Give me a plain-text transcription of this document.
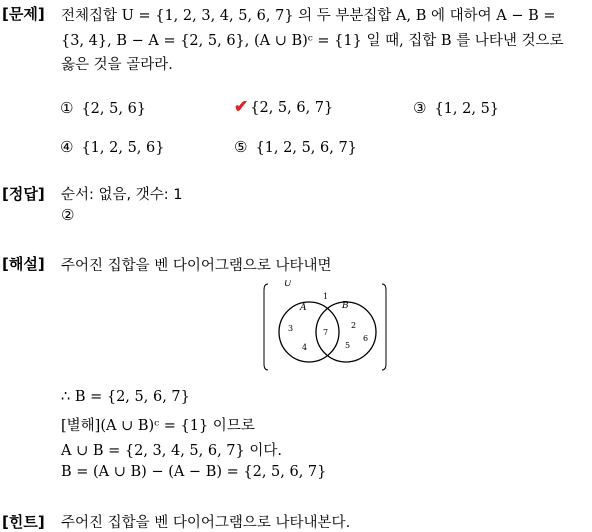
[문제] 전체집합 U = {1, 2, 3, 4, 5, 6, 7} 의 두 부분집합 A, B 에 대하여 A − B =
{3, 4}, B − A = {2, 5, 6}, (A ∪ B)ᶜ = {1} 일 때, 집합 B 를 나타낸 것으로
옳은 것을 골라라.
① {2, 5, 6}	✔ {2, 5, 6, 7}	③ {1, 2, 5}
④ {1, 2, 5, 6}	⑤ {1, 2, 5, 6, 7}
[정답] 순서: 없음, 갯수: 1
②
[해설] 주어진 집합을 벤 다이어그램으로 나타내면
U
A	B
1
3
4
7
2
5
6
∴ B = {2, 5, 6, 7}
[별해](A ∪ B)ᶜ = {1} 이므로
A ∪ B = {2, 3, 4, 5, 6, 7} 이다.
B = (A ∪ B) − (A − B) = {2, 5, 6, 7}
[힌트] 주어진 집합을 벤 다이어그램으로 나타내본다.
